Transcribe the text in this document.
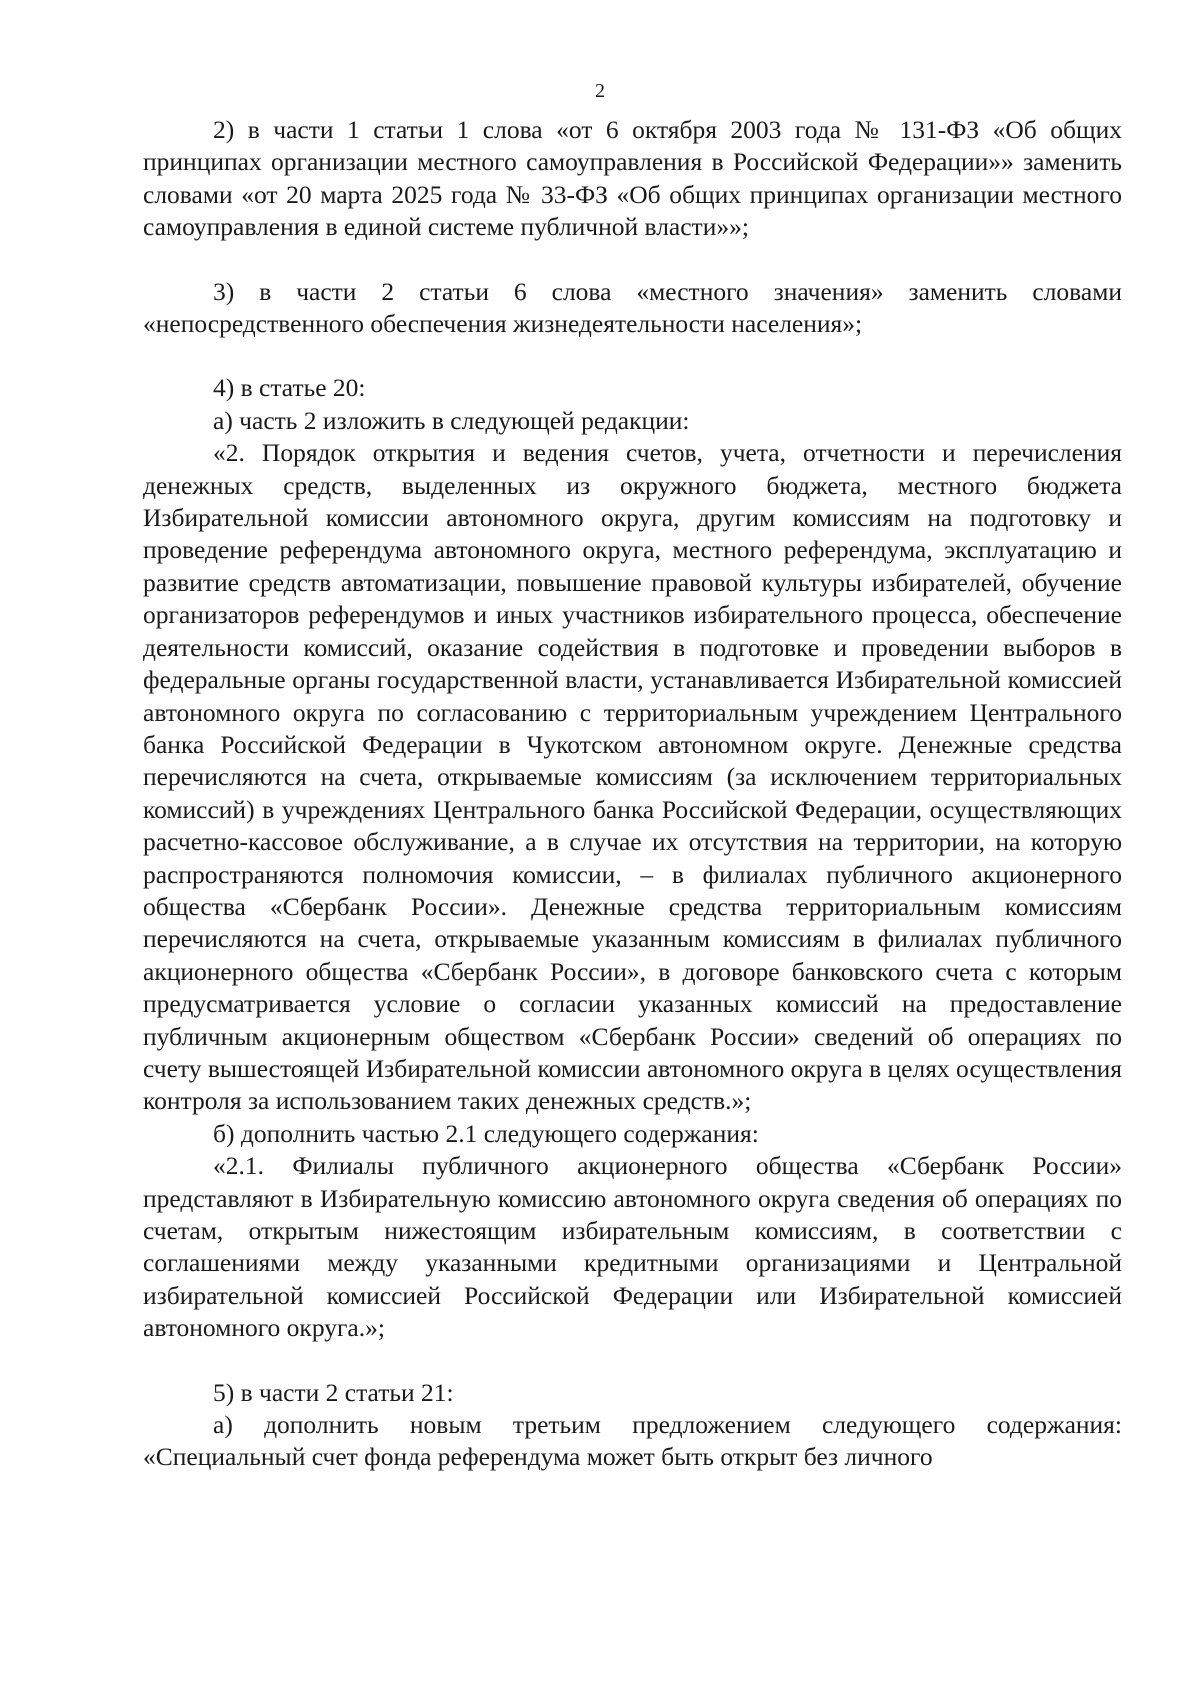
2

2) в части 1 статьи 1 слова «от 6 октября 2003 года № 131-ФЗ «Об общих принципах организации местного самоуправления в Российской Федерации»» заменить словами «от 20 марта 2025 года № 33-ФЗ «Об общих принципах организации местного самоуправления в единой системе публичной власти»»;

3) в части 2 статьи 6 слова «местного значения» заменить словами «непосредственного обеспечения жизнедеятельности населения»;

4) в статье 20:

а) часть 2 изложить в следующей редакции:

«2. Порядок открытия и ведения счетов, учета, отчетности и перечисления денежных средств, выделенных из окружного бюджета, местного бюджета Избирательной комиссии автономного округа, другим комиссиям на подготовку и проведение референдума автономного округа, местного референдума, эксплуатацию и развитие средств автоматизации, повышение правовой культуры избирателей, обучение организаторов референдумов и иных участников избирательного процесса, обеспечение деятельности комиссий, оказание содействия в подготовке и проведении выборов в федеральные органы государственной власти, устанавливается Избирательной комиссией автономного округа по согласованию с территориальным учреждением Центрального банка Российской Федерации в Чукотском автономном округе. Денежные средства перечисляются на счета, открываемые комиссиям (за исключением территориальных комиссий) в учреждениях Центрального банка Российской Федерации, осуществляющих расчетно-кассовое обслуживание, а в случае их отсутствия на территории, на которую распространяются полномочия комиссии, – в филиалах публичного акционерного общества «Сбербанк России». Денежные средства территориальным комиссиям перечисляются на счета, открываемые указанным комиссиям в филиалах публичного акционерного общества «Сбербанк России», в договоре банковского счета с которым предусматривается условие о согласии указанных комиссий на предоставление публичным акционерным обществом «Сбербанк России» сведений об операциях по счету вышестоящей Избирательной комиссии автономного округа в целях осуществления контроля за использованием таких денежных средств.»;

б) дополнить частью 2.1 следующего содержания:

«2.1. Филиалы публичного акционерного общества «Сбербанк России» представляют в Избирательную комиссию автономного округа сведения об операциях по счетам, открытым нижестоящим избирательным комиссиям, в соответствии с соглашениями между указанными кредитными организациями и Центральной избирательной комиссией Российской Федерации или Избирательной комиссией автономного округа.»;

5) в части 2 статьи 21:

а) дополнить новым третьим предложением следующего содержания: «Специальный счет фонда референдума может быть открыт без личного
